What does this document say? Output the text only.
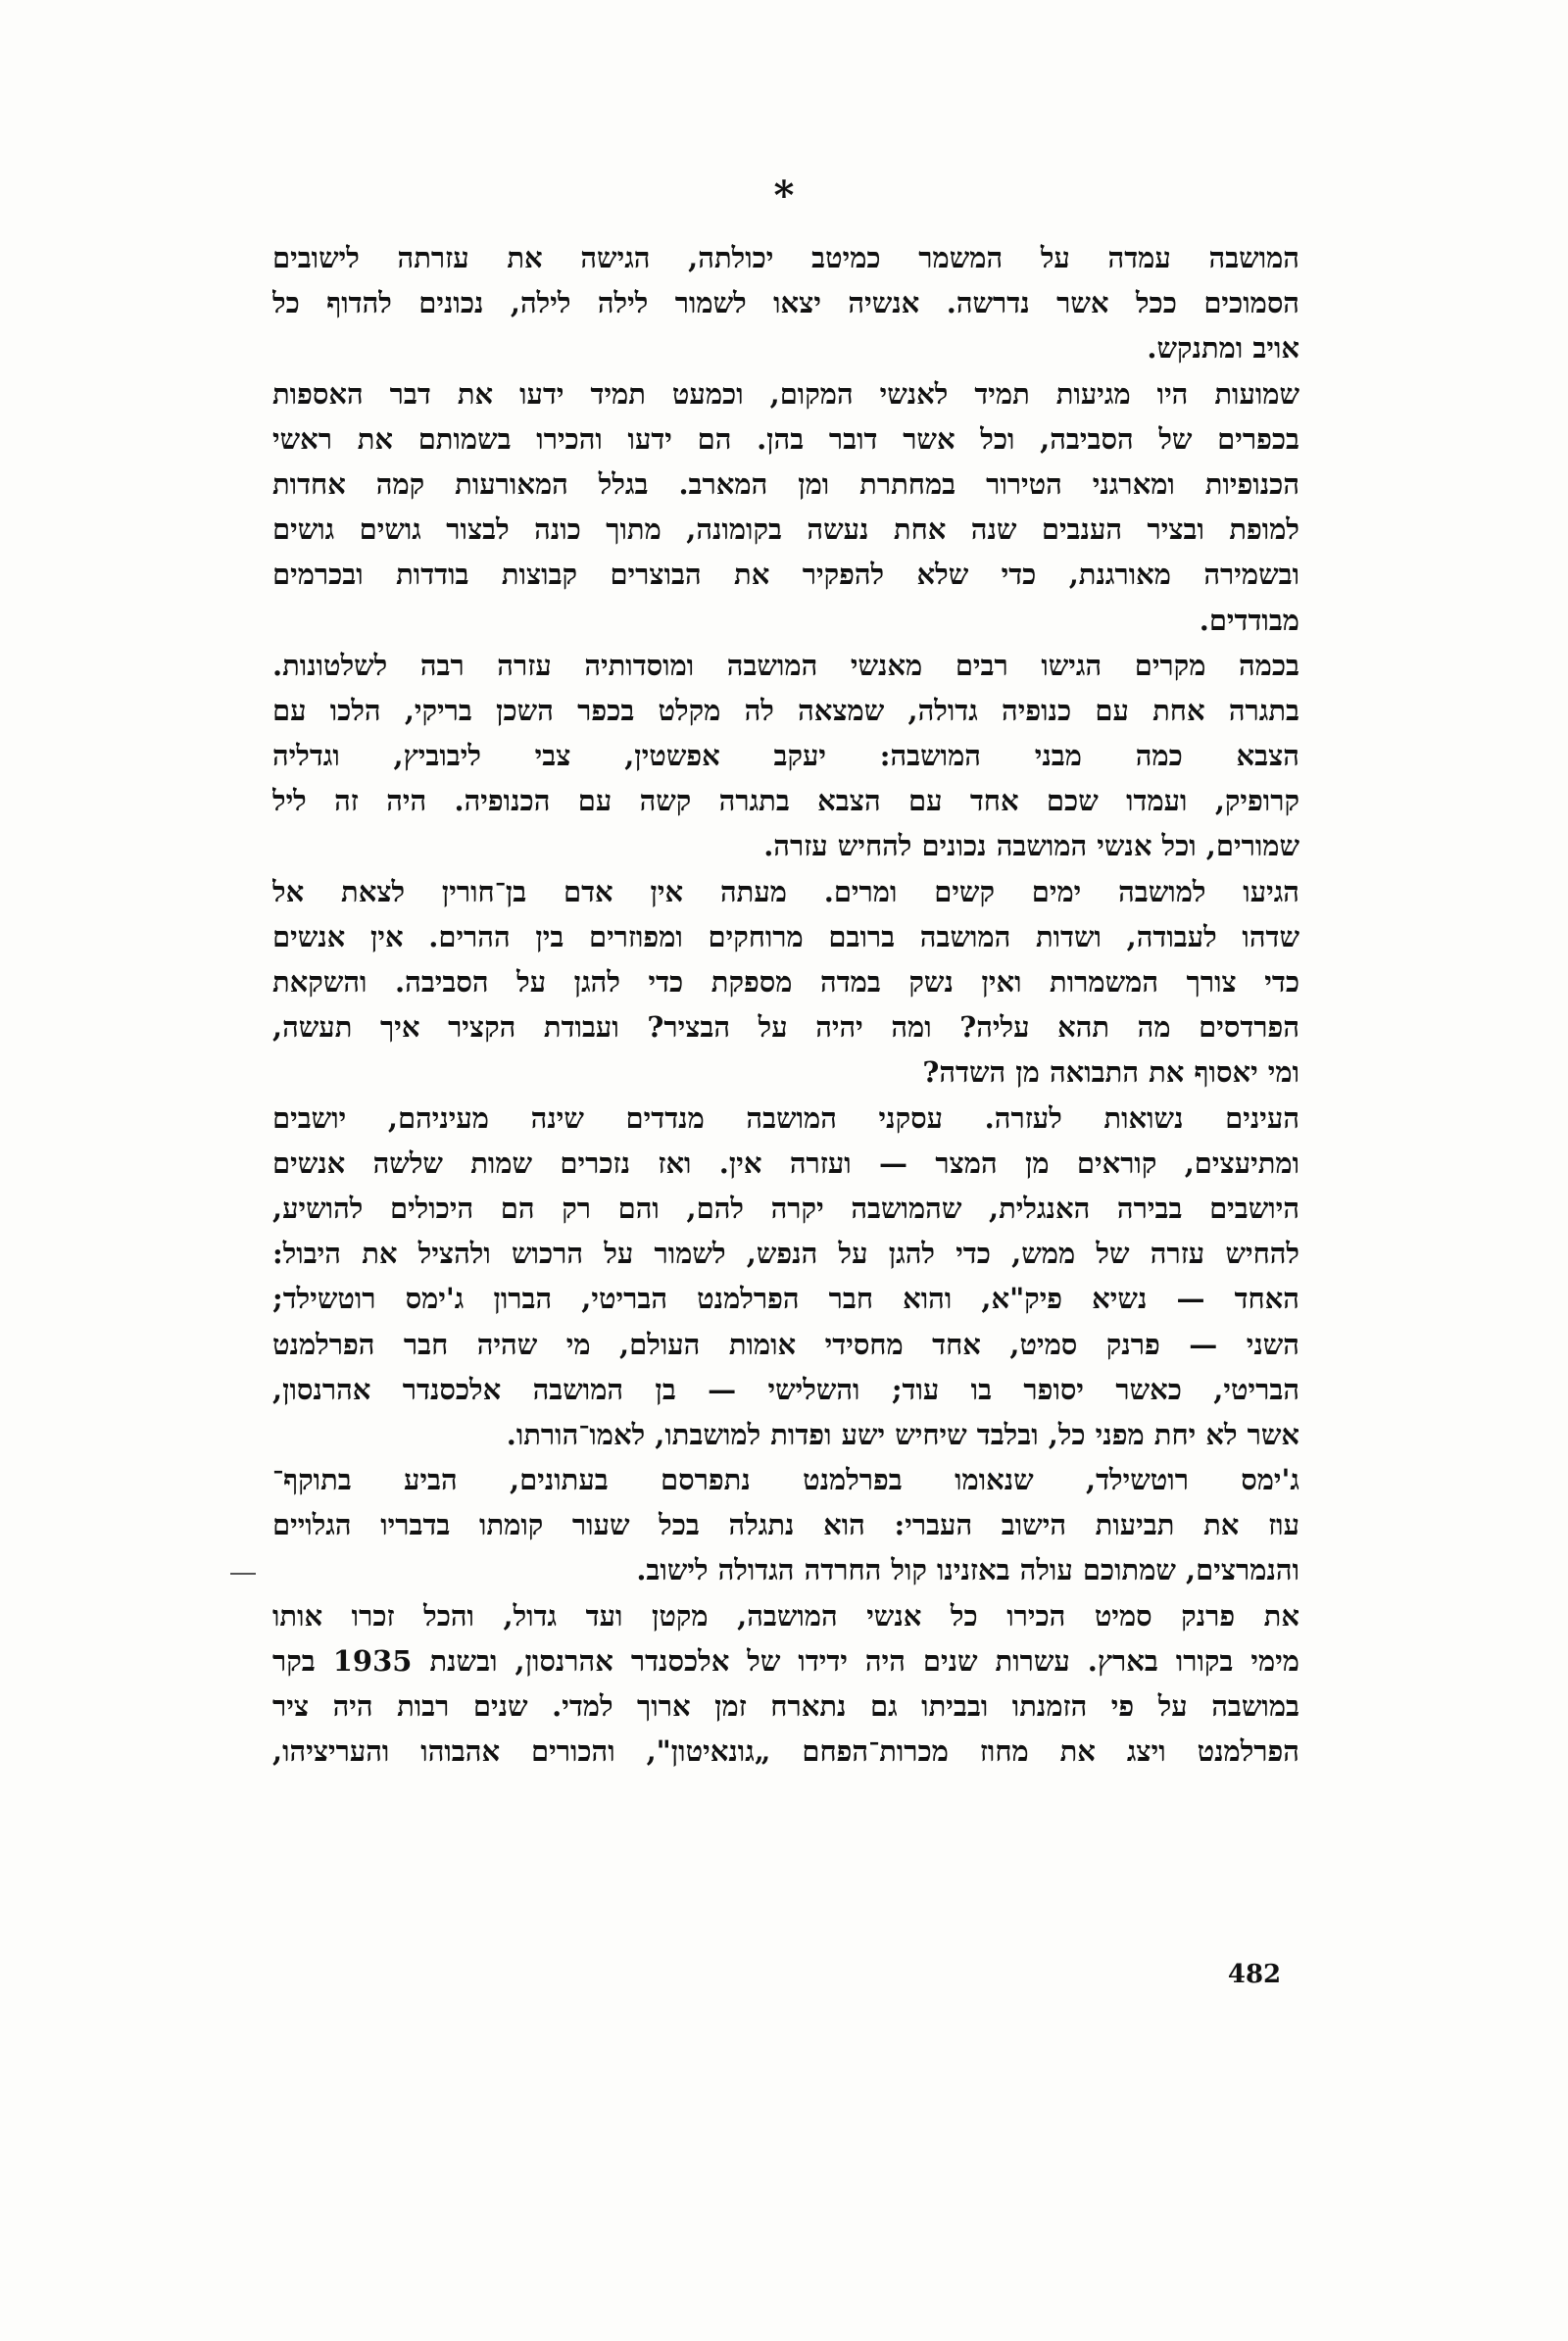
*
המושבה עמדה על המשמר כמיטב יכולתה, הגישה את עזרתה לישובים
הסמוכים ככל אשר נדרשה. אנשיה יצאו לשמור לילה לילה, נכונים להדוף כל
אויב ומתנקש.
שמועות היו מגיעות תמיד לאנשי המקום, וכמעט תמיד ידעו את דבר האספות
בכפרים של הסביבה, וכל אשר דובר בהן. הם ידעו והכירו בשמותם את ראשי
הכנופיות ומארגני הטירור במחתרת ומן המארב. בגלל המאורעות קמה אחדות
למופת ובציר הענבים שנה אחת נעשה בקומונה, מתוך כונה לבצור גושים גושים
ובשמירה מאורגנת, כדי שלא להפקיר את הבוצרים קבוצות בודדות ובכרמים
מבודדים.
בכמה מקרים הגישו רבים מאנשי המושבה ומוסדותיה עזרה רבה לשלטונות.
בתגרה אחת עם כנופיה גדולה, שמצאה לה מקלט בכפר השכן בריקי, הלכו עם
הצבא כמה מבני המושבה: יעקב אפשטין, צבי ליבוביץ, וגדליה
קרופיק, ועמדו שכם אחד עם הצבא בתגרה קשה עם הכנופיה. היה זה ליל
שמורים, וכל אנשי המושבה נכונים להחיש עזרה.
הגיעו למושבה ימים קשים ומרים. מעתה אין אדם בן־חורין לצאת אל
שדהו לעבודה, ושדות המושבה ברובם מרוחקים ומפוזרים בין ההרים. אין אנשים
כדי צורך המשמרות ואין נשק במדה מספקת כדי להגן על הסביבה. והשקאת
הפרדסים מה תהא עליה? ומה יהיה על הבציר? ועבודת הקציר איך תעשה,
ומי יאסוף את התבואה מן השדה?
העינים נשואות לעזרה. עסקני המושבה מנדדים שינה מעיניהם, יושבים
ומתיעצים, קוראים מן המצר — ועזרה אין. ואז נזכרים שמות שלשה אנשים
היושבים בבירה האנגלית, שהמושבה יקרה להם, והם רק הם היכולים להושיע,
להחיש עזרה של ממש, כדי להגן על הנפש, לשמור על הרכוש ולהציל את היבול:
האחד — נשיא פיק"א, והוא חבר הפרלמנט הבריטי, הברון ג'ימס רוטשילד;
השני — פרנק סמיט, אחד מחסידי אומות העולם, מי שהיה חבר הפרלמנט
הבריטי, כאשר יסופר בו עוד; והשלישי — בן המושבה אלכסנדר אהרנסון,
אשר לא יחת מפני כל, ובלבד שיחיש ישע ופדות למושבתו, לאמו־הורתו.
ג'ימס רוטשילד, שנאומו בפרלמנט נתפרסם בעתונים, הביע בתוקף־
עוז את תביעות הישוב העברי: הוא נתגלה בכל שעור קומתו בדבריו הגלויים
והנמרצים, שמתוכם עולה באזנינו קול החרדה הגדולה לישוב.
את פרנק סמיט הכירו כל אנשי המושבה, מקטן ועד גדול, והכל זכרו אותו
מימי בקורו בארץ. עשרות שנים היה ידידו של אלכסנדר אהרנסון, ובשנת 1935 בקר
במושבה על פי הזמנתו ובביתו גם נתארח זמן ארוך למדי. שנים רבות היה ציר
הפרלמנט ויצג את מחוז מכרות־הפחם „גונאיטון", והכורים אהבוהו והעריציהו,
482
